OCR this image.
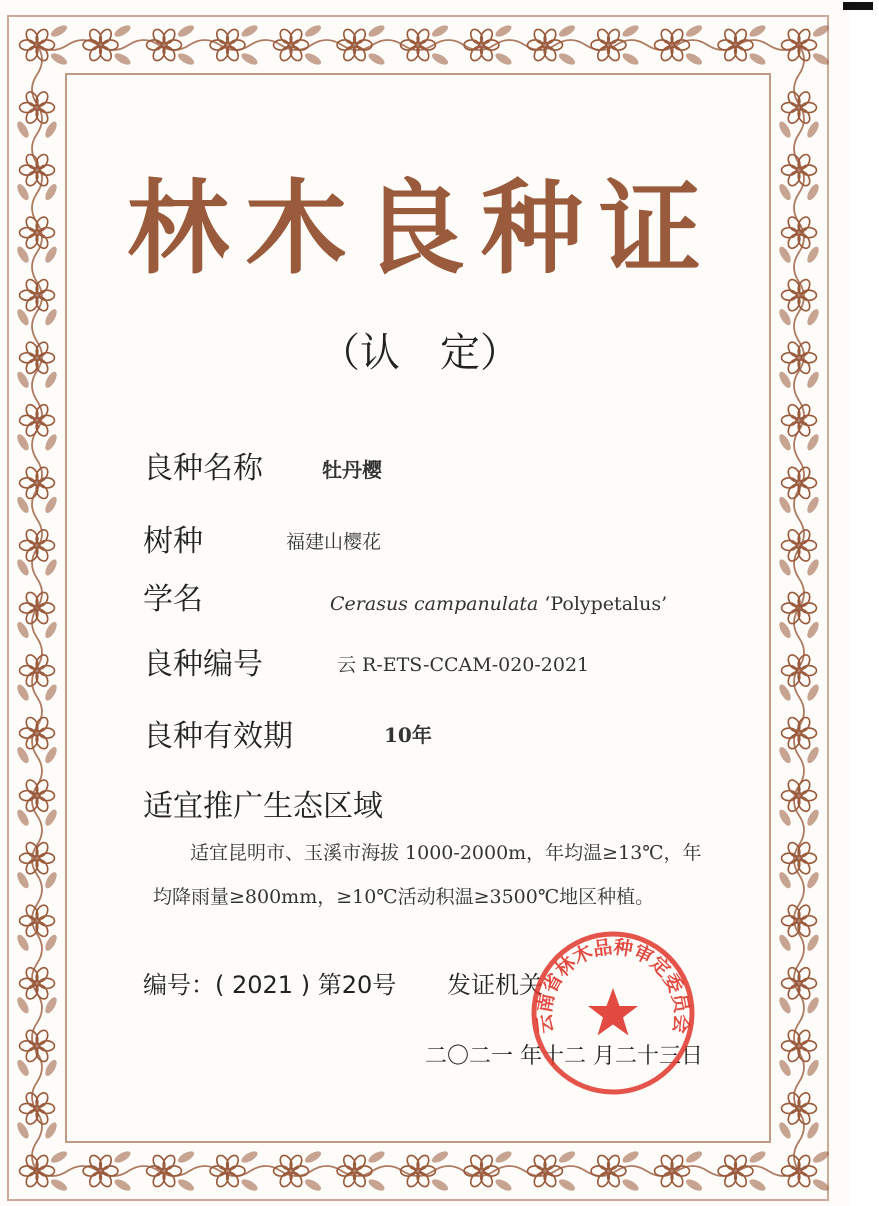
林木良种证
（认　定）
良种名称	牡丹樱
树种	福建山樱花
学名	Cerasus campanulata ‘Polypetalus’
良种编号	云 R-ETS-CCAM-020-2021
良种有效期	10年
适宜推广生态区域
适宜昆明市、玉溪市海拔 1000-2000m，年均温≥13℃，年
均降雨量≥800mm，≥10℃活动积温≥3500℃地区种植。
编号：( 2021 ) 第20号 发证机关
二〇二一 年十二 月二十三日
云南省林木品种审定委员会
